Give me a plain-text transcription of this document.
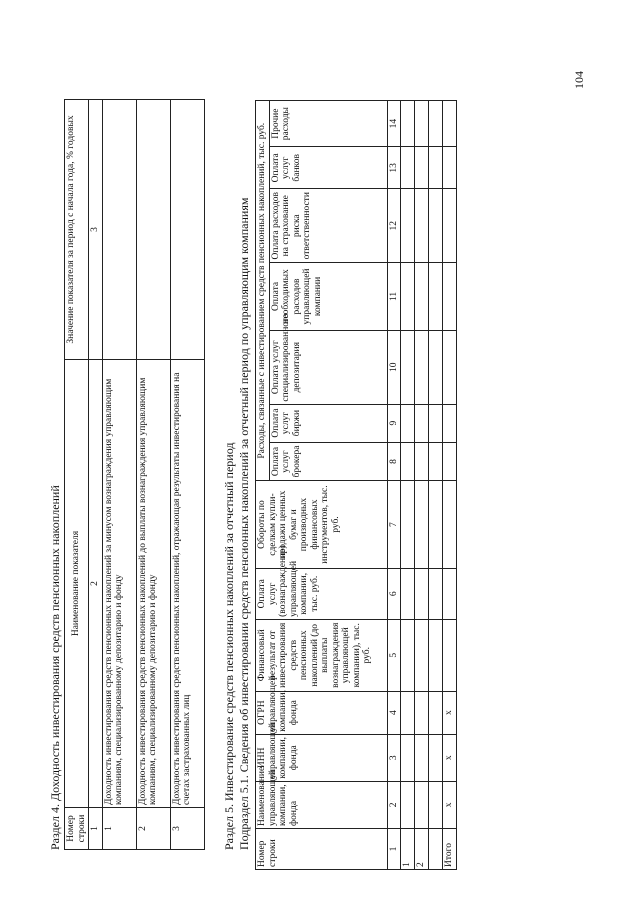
104
Раздел 4. Доходность инвестирования средств пенсионных накоплений Номер строки	Наименование показателя	Значение показателя за период с начала года, % годовых
1	2	3
1	Доходность инвестирования средств пенсионных накоплений за минусом вознаграждения управляющим компаниям, специализированному депозитарию и фонду	
2	Доходность инвестирования средств пенсионных накоплений до выплаты вознаграждения управляющим компаниям, специализированному депозитарию и фонду	
3	Доходность инвестирования средств пенсионных накоплений, отражающая результаты инвестирования на счетах застрахованных лиц		Раздел 5. Инвестирование средств пенсионных накоплений за отчетный период Подраздел 5.1. Сведения об инвестировании средств пенсионных накоплений за отчетный период по управляющим компаниям
Номер строки	Наименование управляющей компании, фонда	ИНН управляющей компании, фонда	ОГРН управляющей компании, фонда	Финансовый результат от инвестирования средств пенсионных накоплений (до выплаты вознаграждения управляющей компании), тыс. руб.	Оплата услуг (вознаграждение) управляющей компании, тыс. руб.	Обороты по сделкам купли-продажи ценных бумаг и производных финансовых инструментов, тыс. руб.	Расходы, связанные с инвестированием средств пенсионных накоплений, тыс. руб.						
							Оплата услуг брокера	Оплата услуг биржи	Оплата услуг специализированного депозитария	Оплата необходимых расходов управляющей компании	Оплата расходов на страхование риска ответственности	Оплата услуг банков	Прочие расходы
1	2	3	4	5	6	7	8	9	10	11	12	13	14
1													
2													

Итого	x	x	x										
